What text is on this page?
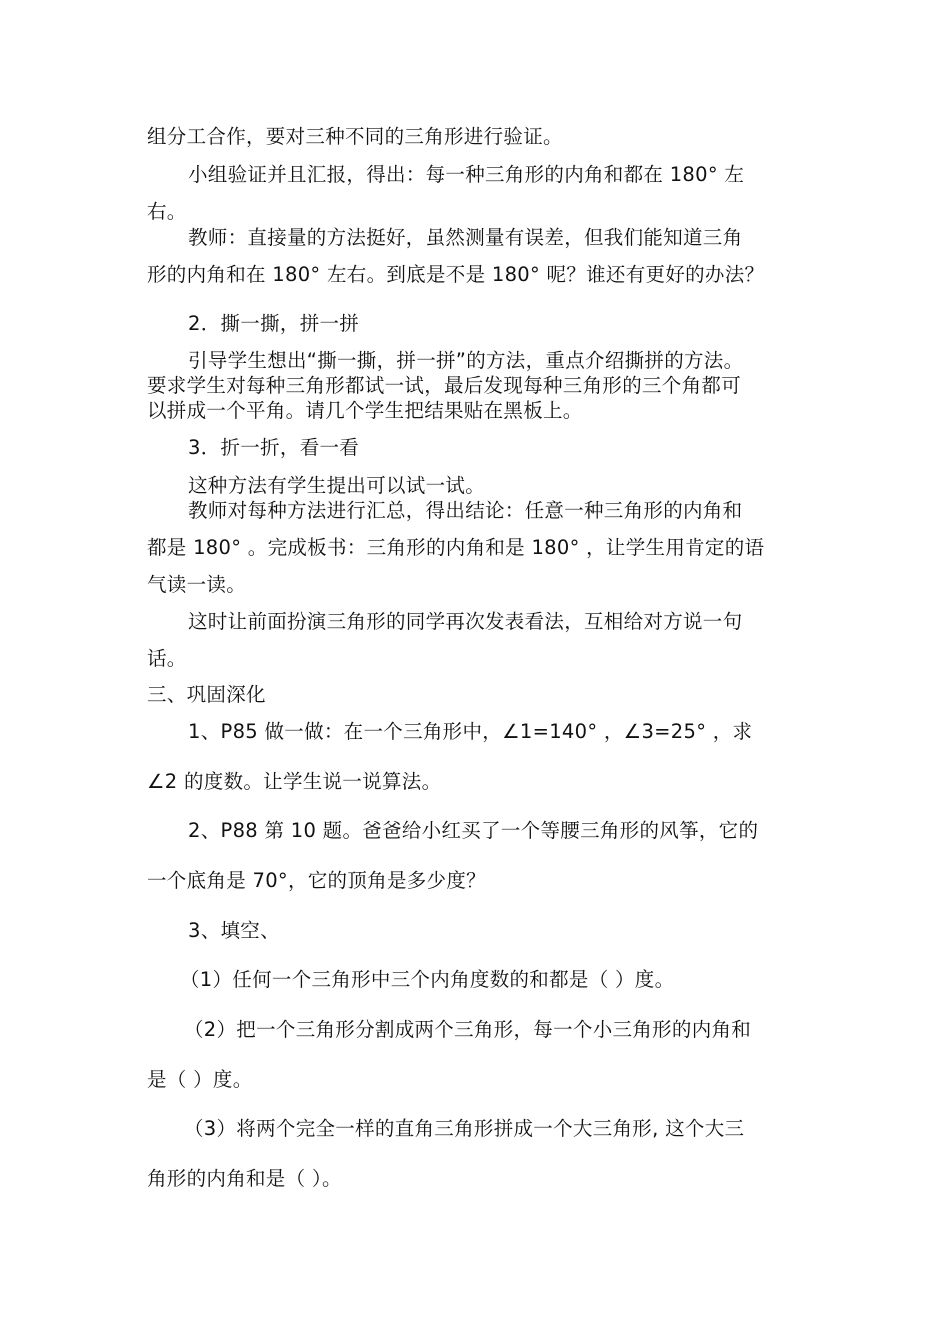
组分工合作，要对三种不同的三角形进行验证。
小组验证并且汇报，得出：每一种三角形的内角和都在 180° 左
右。
教师：直接量的方法挺好，虽然测量有误差，但我们能知道三角
形的内角和在 180° 左右。到底是不是 180° 呢？谁还有更好的办法？
2．撕一撕，拼一拼
引导学生想出“撕一撕，拼一拼”的方法，重点介绍撕拼的方法。
要求学生对每种三角形都试一试，最后发现每种三角形的三个角都可
以拼成一个平角。请几个学生把结果贴在黑板上。
3．折一折，看一看
这种方法有学生提出可以试一试。
教师对每种方法进行汇总，得出结论：任意一种三角形的内角和
都是 180° 。完成板书：三角形的内角和是 180° ，让学生用肯定的语
气读一读。
这时让前面扮演三角形的同学再次发表看法，互相给对方说一句
话。
三、巩固深化
1、P85 做一做：在一个三角形中，∠1=140° ，∠3=25° ，求
∠2 的度数。让学生说一说算法。
2、P88 第 10 题。爸爸给小红买了一个等腰三角形的风筝，它的
一个底角是 70°，它的顶角是多少度？
3、填空、
（1）任何一个三角形中三个内角度数的和都是（ ）度。
（2）把一个三角形分割成两个三角形，每一个小三角形的内角和
是（ ）度。
（3）将两个完全一样的直角三角形拼成一个大三角形, 这个大三
角形的内角和是（ ）。
